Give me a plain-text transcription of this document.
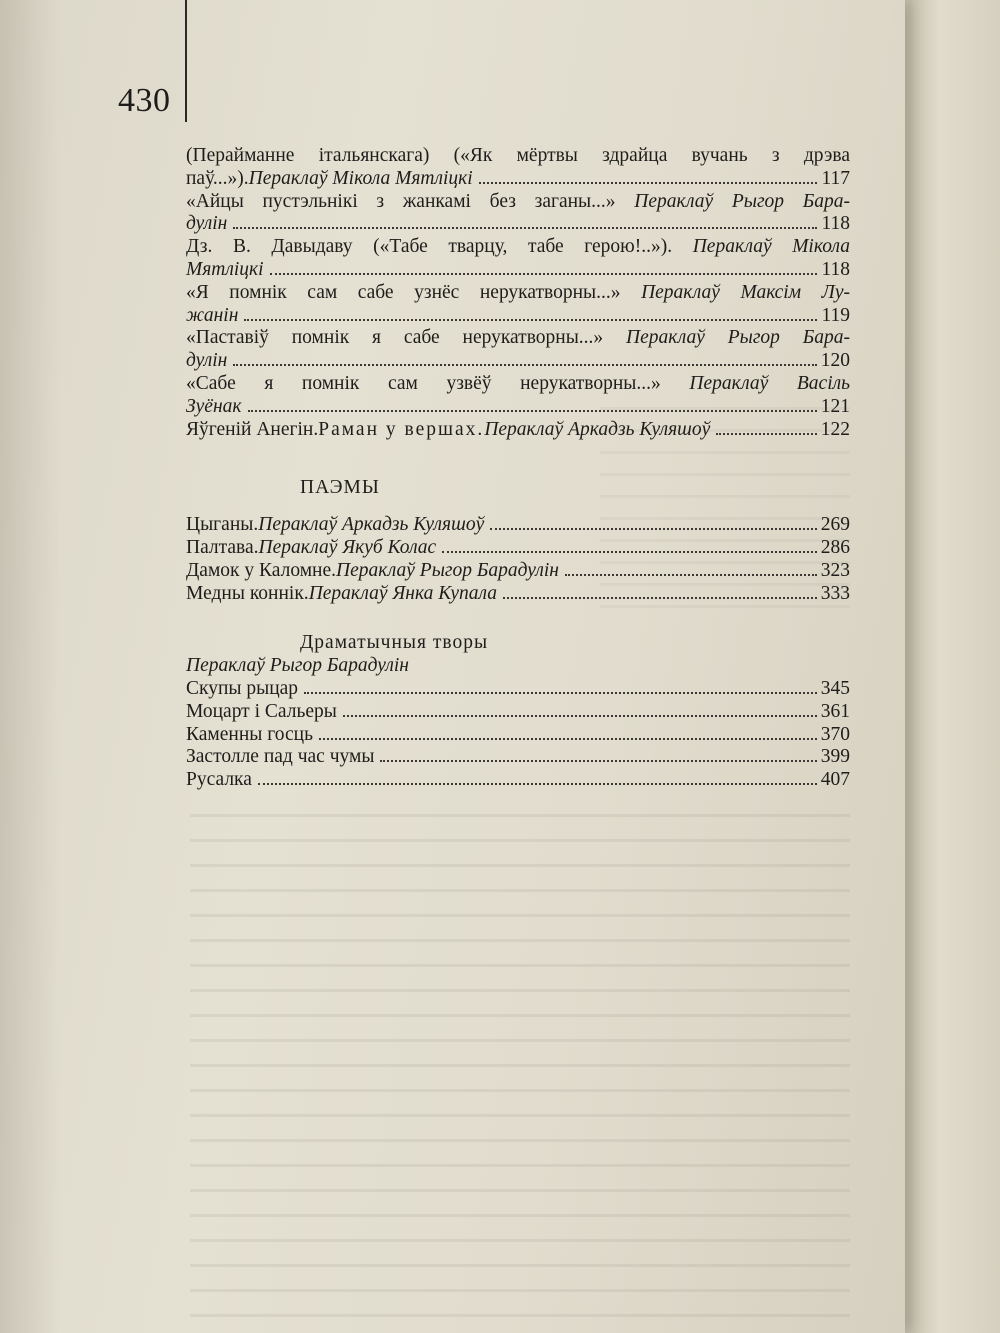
430
(Перайманне італьянскага) («Як мёртвы здрайца вучань з дрэва
паў...»). Пераклаў Мікола Мятліцкі	117
«Айцы пустэльнікі з жанкамі без заганы...» Пераклаў Рыгор Бара-
дулін	118
Дз. В. Давыдаву («Табе тварцу, табе герою!..»). Пераклаў Мікола
Мятліцкі	118
«Я помнік сам сабе узнёс нерукатворны...» Пераклаў Максім Лу-
жанін	119
«Паставіў помнік я сабе нерукатворны...» Пераклаў Рыгор Бара-
дулін	120
«Сабе я помнік сам узвёў нерукатворны...» Пераклаў Васіль
Зуёнак	121
Яўгеній Анегін. Раман у вершах. Пераклаў Аркадзь Куляшоў	122
ПАЭМЫ
Цыганы. Пераклаў Аркадзь Куляшоў	269
Палтава. Пераклаў Якуб Колас	286
Дамок у Каломне. Пераклаў Рыгор Барадулін	323
Медны коннік. Пераклаў Янка Купала	333
Драматычныя творы
Пераклаў Рыгор Барадулін
Скупы рыцар	345
Моцарт і Сальеры	361
Каменны госць	370
Застолле пад час чумы	399
Русалка	407
